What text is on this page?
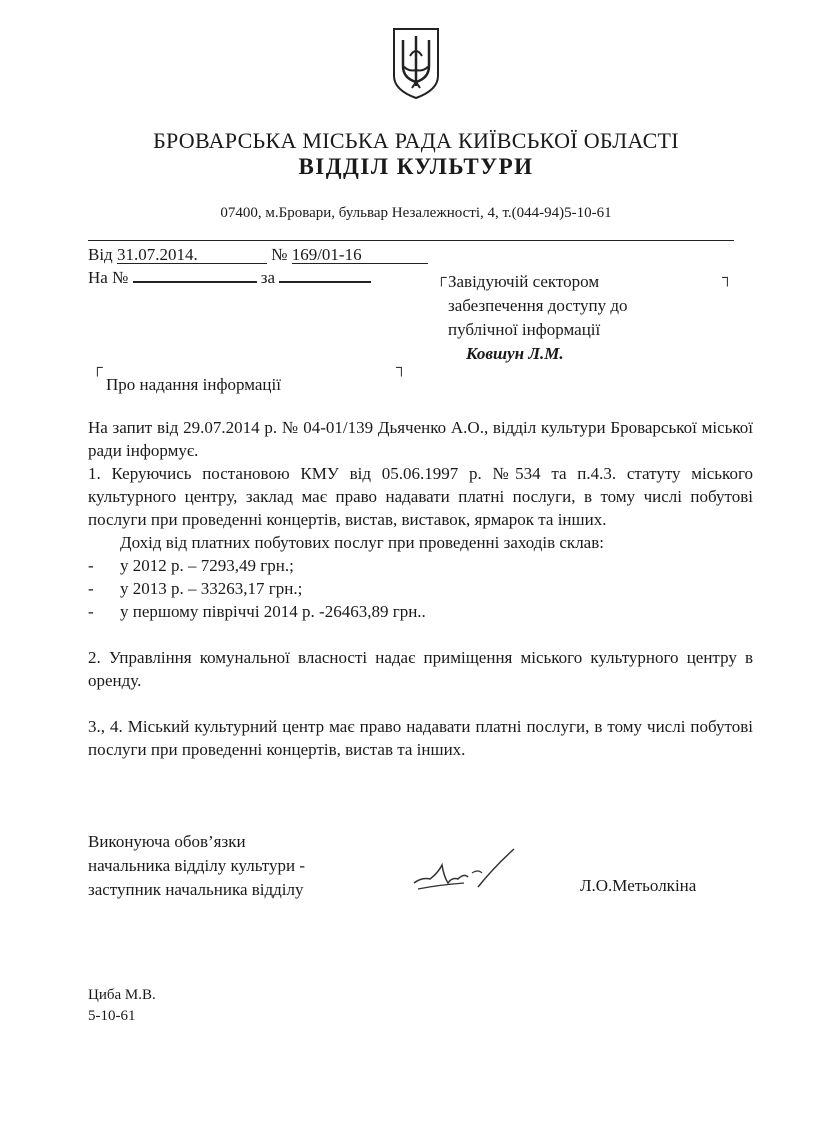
БРОВАРСЬКА МІСЬКА РАДА КИЇВСЬКОЇ ОБЛАСТІ
ВІДДІЛ КУЛЬТУРИ
07400, м.Бровари, бульвар Незалежності, 4, т.(044-94)5-10-61
Від 31.07.2014.	№ 169/01-16
На №	за	┌	┐
┌	┐
Завідуючій сектором
забезпечення доступу до
публічної інформації
Ковшун Л.М.
Про надання інформації

На запит від 29.07.2014 р. № 04-01/139 Дьяченко А.О., відділ культури Броварської міської ради інформує.

1. Керуючись постановою КМУ від 05.06.1997 р. №534 та п.4.3. статуту міського культурного центру, заклад має право надавати платні послуги, в тому числі побутові послуги при проведенні концертів, вистав, виставок, ярмарок та інших.

Дохід від платних побутових послуг при проведенні заходів склав:

- у 2012 р. – 7293,49 грн.;

- у 2013 р. – 33263,17 грн.;

- у першому півріччі 2014 р. -26463,89 грн..

2. Управління комунальної власності надає приміщення міського культурного центру в оренду.

3., 4. Міський культурний центр має право надавати платні послуги, в тому числі побутові послуги при проведенні концертів, вистав та інших.

Виконуюча обов’язки
начальника відділу культури -
заступник начальника відділу	Л.О.Метьолкіна
Циба М.В.
5-10-61
